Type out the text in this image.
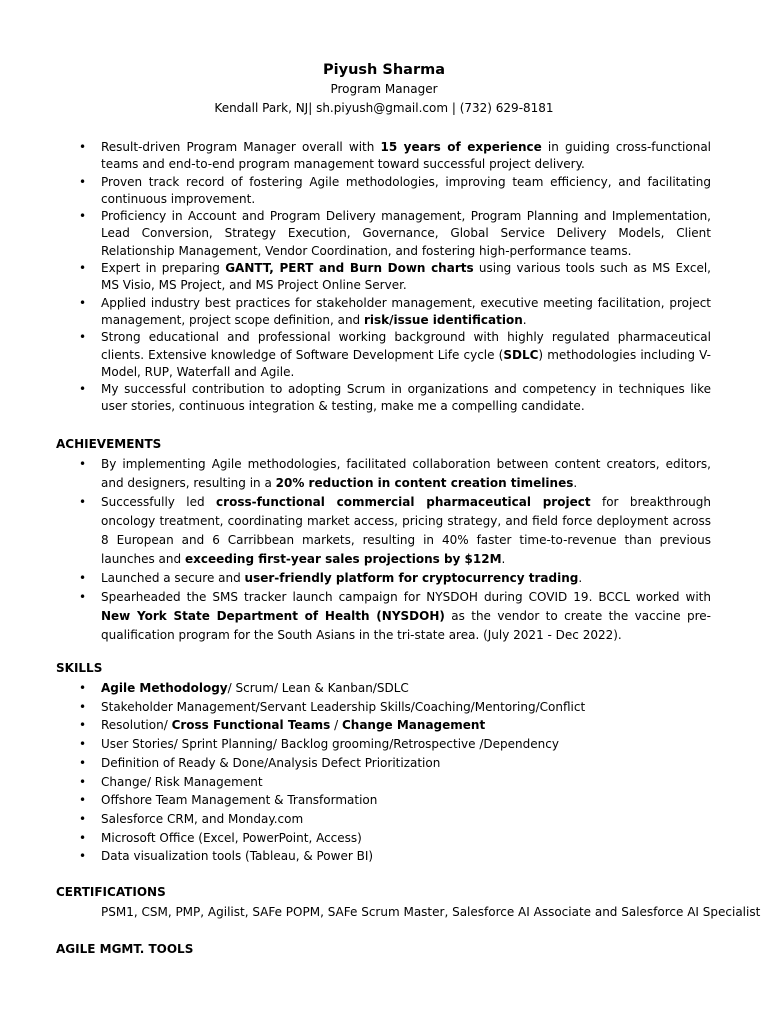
Piyush Sharma
Program Manager
Kendall Park, NJ| sh.piyush@gmail.com | (732) 629-8181
• Result-driven Program Manager overall with 15 years of experience in guiding cross-functional teams and end-to-end program management toward successful project delivery.
• Proven track record of fostering Agile methodologies, improving team efficiency, and facilitating continuous improvement.
• Proficiency in Account and Program Delivery management, Program Planning and Implementation, Lead Conversion, Strategy Execution, Governance, Global Service Delivery Models, Client Relationship Management, Vendor Coordination, and fostering high-performance teams.
• Expert in preparing GANTT, PERT and Burn Down charts using various tools such as MS Excel, MS Visio, MS Project, and MS Project Online Server.
• Applied industry best practices for stakeholder management, executive meeting facilitation, project management, project scope definition, and risk/issue identification.
• Strong educational and professional working background with highly regulated pharmaceutical clients. Extensive knowledge of Software Development Life cycle (SDLC) methodologies including V-Model, RUP, Waterfall and Agile.
• My successful contribution to adopting Scrum in organizations and competency in techniques like user stories, continuous integration & testing, make me a compelling candidate.
ACHIEVEMENTS
• By implementing Agile methodologies, facilitated collaboration between content creators, editors, and designers, resulting in a 20% reduction in content creation timelines.
• Successfully led cross-functional commercial pharmaceutical project for breakthrough oncology treatment, coordinating market access, pricing strategy, and field force deployment across 8 European and 6 Carribbean markets, resulting in 40% faster time-to-revenue than previous launches and exceeding first-year sales projections by $12M.
• Launched a secure and user-friendly platform for cryptocurrency trading.
• Spearheaded the SMS tracker launch campaign for NYSDOH during COVID 19. BCCL worked with New York State Department of Health (NYSDOH) as the vendor to create the vaccine pre-qualification program for the South Asians in the tri-state area. (July 2021 - Dec 2022).
SKILLS
• Agile Methodology/ Scrum/ Lean & Kanban/SDLC
• Stakeholder Management/Servant Leadership Skills/Coaching/Mentoring/Conflict
• Resolution/ Cross Functional Teams / Change Management
• User Stories/ Sprint Planning/ Backlog grooming/Retrospective /Dependency
• Definition of Ready & Done/Analysis Defect Prioritization
• Change/ Risk Management
• Offshore Team Management & Transformation
• Salesforce CRM, and Monday.com
• Microsoft Office (Excel, PowerPoint, Access)
• Data visualization tools (Tableau, & Power BI)
CERTIFICATIONS
PSM1, CSM, PMP, Agilist, SAFe POPM, SAFe Scrum Master, Salesforce AI Associate and Salesforce AI Specialist
AGILE MGMT. TOOLS
